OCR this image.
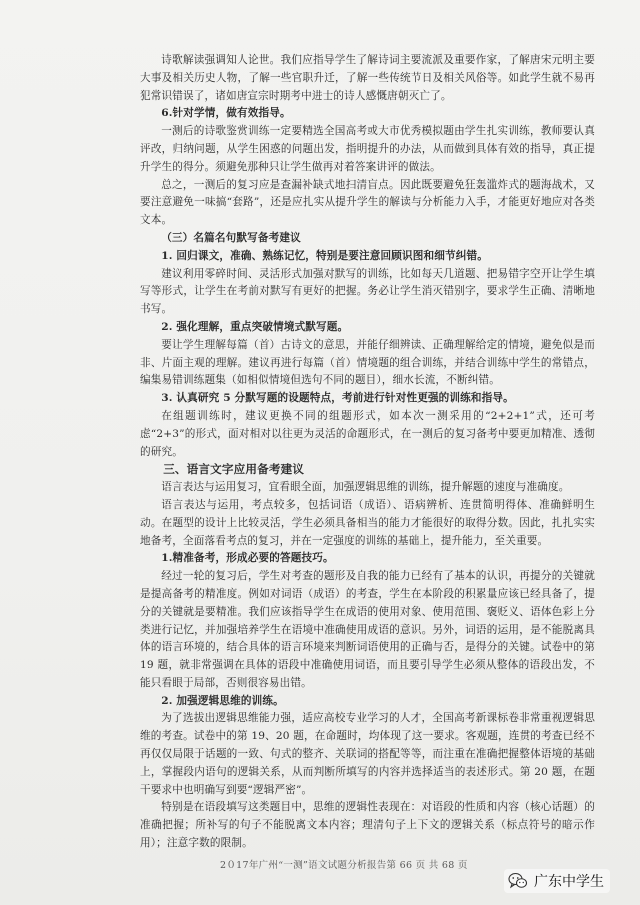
诗歌解读强调知人论世。我们应指导学生了解诗词主要流派及重要作家，了解唐宋元明主要大事及相关历史人物，了解一些官职升迁，了解一些传统节日及相关风俗等。如此学生就不易再犯常识错误了，诸如唐宣宗时期考中进士的诗人感慨唐朝灭亡了。

6.针对学情，做有效指导。

一测后的诗歌鉴赏训练一定要精选全国高考或大市优秀模拟题由学生扎实训练，教师要认真评改，归纳问题，从学生困惑的问题出发，指明提升的办法，从而做到具体有效的指导，真正提升学生的得分。须避免那种只让学生做再对着答案讲评的做法。

总之，一测后的复习应是查漏补缺式地扫清盲点。因此既要避免狂轰滥炸式的题海战术，又要注意避免一味搞“套路”，还是应扎实从提升学生的解读与分析能力入手，才能更好地应对各类文本。

（三）名篇名句默写备考建议

1. 回归课文，准确、熟练记忆，特别是要注意回顾识图和细节纠错。

建议利用零碎时间、灵活形式加强对默写的训练，比如每天几道题、把易错字空开让学生填写等形式，让学生在考前对默写有更好的把握。务必让学生消灭错别字，要求学生正确、清晰地书写。

2. 强化理解，重点突破情境式默写题。

要让学生理解每篇（首）古诗文的意思，并能仔细辨读、正确理解给定的情境，避免似是而非、片面主观的理解。建议再进行每篇（首）情境题的组合训练，并结合训练中学生的常错点，编集易错训练题集（如相似情境但选句不同的题目），细水长流，不断纠错。

3. 认真研究 5 分默写题的设题特点，考前进行针对性更强的训练和指导。

在组题训练时，建议更换不同的组题形式，如本次一测采用的“2+2+1”式，还可考虑“2+3”的形式，面对相对以往更为灵活的命题形式，在一测后的复习备考中要更加精准、透彻的研究。

三、语言文字应用备考建议

语言表达与运用复习，宜看眼全面，加强逻辑思维的训练，提升解题的速度与准确度。

语言表达与运用，考点较多，包括词语（成语）、语病辨析、连贯简明得体、准确鲜明生动。在题型的设计上比较灵活，学生必须具备相当的能力才能很好的取得分数。因此，扎扎实实地备考，全面落看考点的复习，并在一定强度的训练的基础上，提升能力，至关重要。

1.精准备考，形成必要的答题技巧。

经过一轮的复习后，学生对考查的题形及自我的能力已经有了基本的认识，再提分的关键就是提高备考的精准度。例如对词语（成语）的考查，学生在本阶段的积累量应该已经具备了，提分的关键就是要精准。我们应该指导学生在成语的使用对象、使用范围、褒贬义、语体色彩上分类进行记忆，并加强培养学生在语境中准确使用成语的意识。另外，词语的运用，是不能脱离具体的语言环境的，结合具体的语言环境来判断词语使用的正确与否，是得分的关键。试卷中的第 19 题，就非常强调在具体的语段中准确使用词语，而且要引导学生必须从整体的语段出发，不能只看眼于局部，否则很容易出错。

2. 加强逻辑思维的训练。

为了选拔出逻辑思维能力强，适应高校专业学习的人才，全国高考新课标卷非常重视逻辑思维的考查。试卷中的第 19、20 题，在命题时，均体现了这一要求。客观题，连贯的考查已经不再仅仅局限于话题的一致、句式的整齐、关联词的搭配等等，而注重在准确把握整体语境的基础上，掌握段内语句的逻辑关系，从而判断所填写的内容并选择适当的表述形式。第 20 题，在题干要求中也明确写到要“逻辑严密”。

特别是在语段填写这类题目中，思维的逻辑性表现在：对语段的性质和内容（核心话题）的准确把握；所补写的句子不能脱离文本内容；理清句子上下文的逻辑关系（标点符号的暗示作用）；注意字数的限制。

2０17年广州“一测”语文试题分析报告第 66 页 共 68 页
广东中学生
